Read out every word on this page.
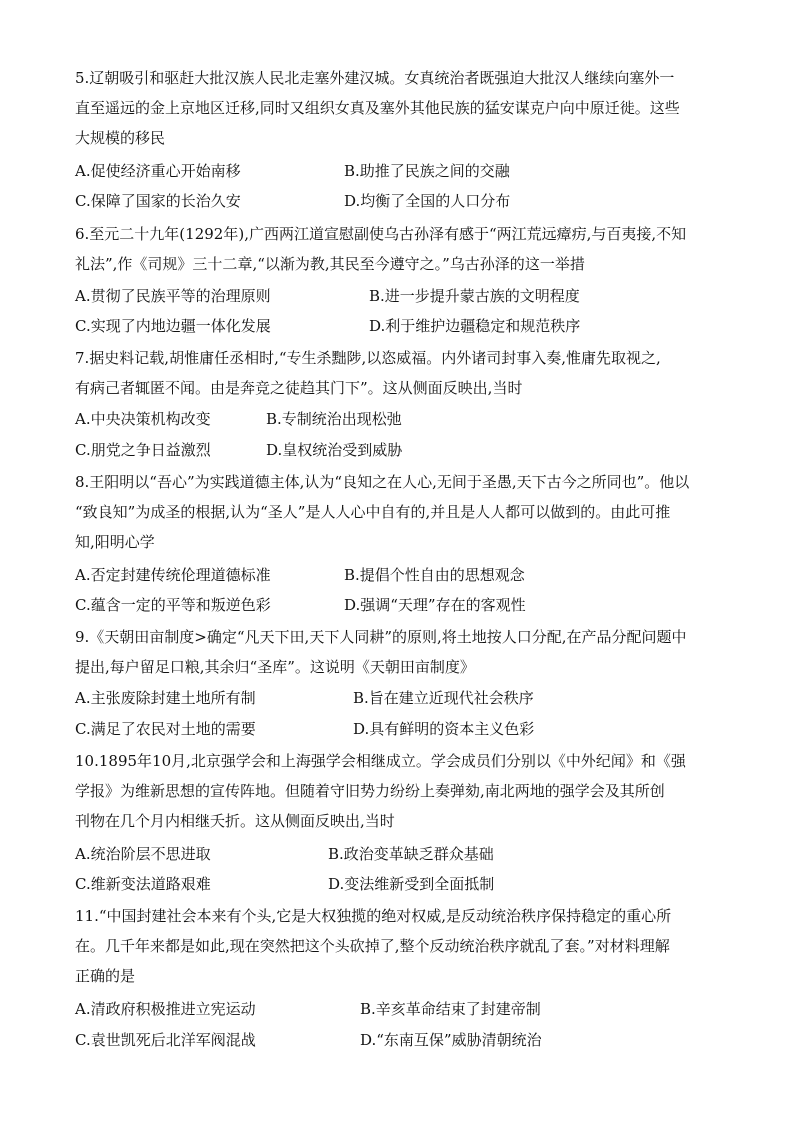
5.辽朝吸引和驱赶大批汉族人民北走塞外建汉城。女真统治者既强迫大批汉人继续向塞外一
直至遥远的金上京地区迁移,同时又组织女真及塞外其他民族的猛安谋克户向中原迁徙。这些
大规模的移民
A.促使经济重心开始南移	B.助推了民族之间的交融
C.保障了国家的长治久安	D.均衡了全国的人口分布
6.至元二十九年(1292年),广西两江道宣慰副使乌古孙泽有感于“两江荒远瘴疠,与百夷接,不知
礼法”,作《司规》三十二章,“以渐为教,其民至今遵守之。”乌古孙泽的这一举措
A.贯彻了民族平等的治理原则	B.进一步提升蒙古族的文明程度
C.实现了内地边疆一体化发展	D.利于维护边疆稳定和规范秩序
7.据史料记载,胡惟庸任丞相时,“专生杀黜陟,以恣威福。内外诸司封事入奏,惟庸先取视之,
有病己者辄匿不闻。由是奔竞之徒趋其门下”。这从侧面反映出,当时
A.中央决策机构改变	B.专制统治出现松弛
C.朋党之争日益激烈	D.皇权统治受到威胁
8.王阳明以“吾心”为实践道德主体,认为“良知之在人心,无间于圣愚,天下古今之所同也”。他以
“致良知”为成圣的根据,认为“圣人”是人人心中自有的,并且是人人都可以做到的。由此可推
知,阳明心学
A.否定封建传统伦理道德标准	B.提倡个性自由的思想观念
C.蕴含一定的平等和叛逆色彩	D.强调“天理”存在的客观性
9.《天朝田亩制度>确定“凡天下田,天下人同耕”的原则,将土地按人口分配,在产品分配问题中
提出,每户留足口粮,其余归“圣库”。这说明《天朝田亩制度》
A.主张废除封建土地所有制	B.旨在建立近现代社会秩序
C.满足了农民对土地的需要	D.具有鲜明的资本主义色彩
10.1895年10月,北京强学会和上海强学会相继成立。学会成员们分别以《中外纪闻》和《强
学报》为维新思想的宣传阵地。但随着守旧势力纷纷上奏弹劾,南北两地的强学会及其所创
刊物在几个月内相继夭折。这从侧面反映出,当时
A.统治阶层不思进取	B.政治变革缺乏群众基础
C.维新变法道路艰难	D.变法维新受到全面抵制
11.“中国封建社会本来有个头,它是大权独揽的绝对权威,是反动统治秩序保持稳定的重心所
在。几千年来都是如此,现在突然把这个头砍掉了,整个反动统治秩序就乱了套。”对材料理解
正确的是
A.清政府积极推进立宪运动	B.辛亥革命结束了封建帝制
C.袁世凯死后北洋军阀混战	D.“东南互保”威胁清朝统治
